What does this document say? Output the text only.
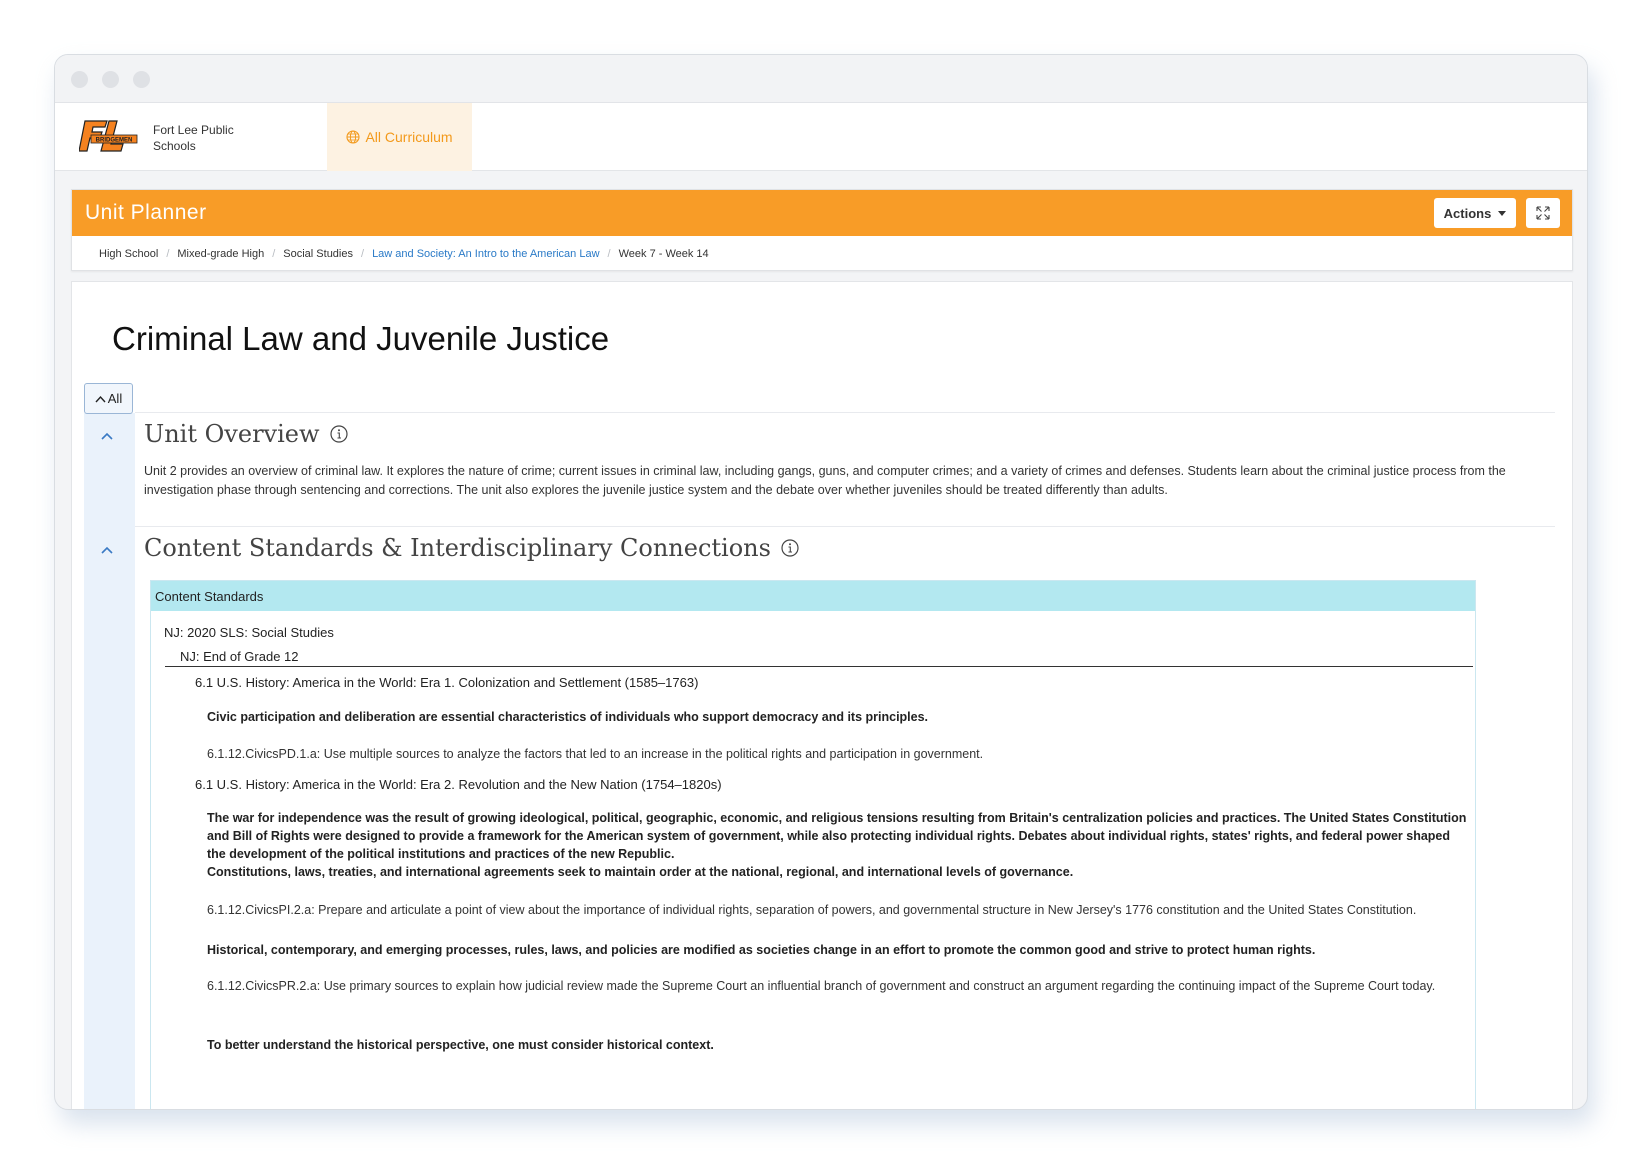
BRIDGEMEN
Fort Lee Public Schools
All Curriculum
Unit Planner	Actions
High School / Mixed-grade High / Social Studies / Law and Society: An Intro to the American Law / Week 7 - Week 14
Criminal Law and Juvenile Justice
All
Unit Overview

Unit 2 provides an overview of criminal law. It explores the nature of crime; current issues in criminal law, including gangs, guns, and computer crimes; and a variety of crimes and defenses. Students learn about the criminal justice process from the investigation phase through sentencing and corrections. The unit also explores the juvenile justice system and the debate over whether juveniles should be treated differently than adults.

Content Standards & Interdisciplinary Connections
Content Standards
NJ: 2020 SLS: Social Studies
NJ: End of Grade 12
6.1 U.S. History: America in the World: Era 1. Colonization and Settlement (1585–1763)
Civic participation and deliberation are essential characteristics of individuals who support democracy and its principles.
6.1.12.CivicsPD.1.a: Use multiple sources to analyze the factors that led to an increase in the political rights and participation in government.
6.1 U.S. History: America in the World: Era 2. Revolution and the New Nation (1754–1820s)
The war for independence was the result of growing ideological, political, geographic, economic, and religious tensions resulting from Britain's centralization policies and practices. The United States Constitution and Bill of Rights were designed to provide a framework for the American system of government, while also protecting individual rights. Debates about individual rights, states' rights, and federal power shaped the development of the political institutions and practices of the new Republic.
Constitutions, laws, treaties, and international agreements seek to maintain order at the national, regional, and international levels of governance.
6.1.12.CivicsPI.2.a: Prepare and articulate a point of view about the importance of individual rights, separation of powers, and governmental structure in New Jersey's 1776 constitution and the United States Constitution.
Historical, contemporary, and emerging processes, rules, laws, and policies are modified as societies change in an effort to promote the common good and strive to protect human rights.
6.1.12.CivicsPR.2.a: Use primary sources to explain how judicial review made the Supreme Court an influential branch of government and construct an argument regarding the continuing impact of the Supreme Court today.
To better understand the historical perspective, one must consider historical context.
